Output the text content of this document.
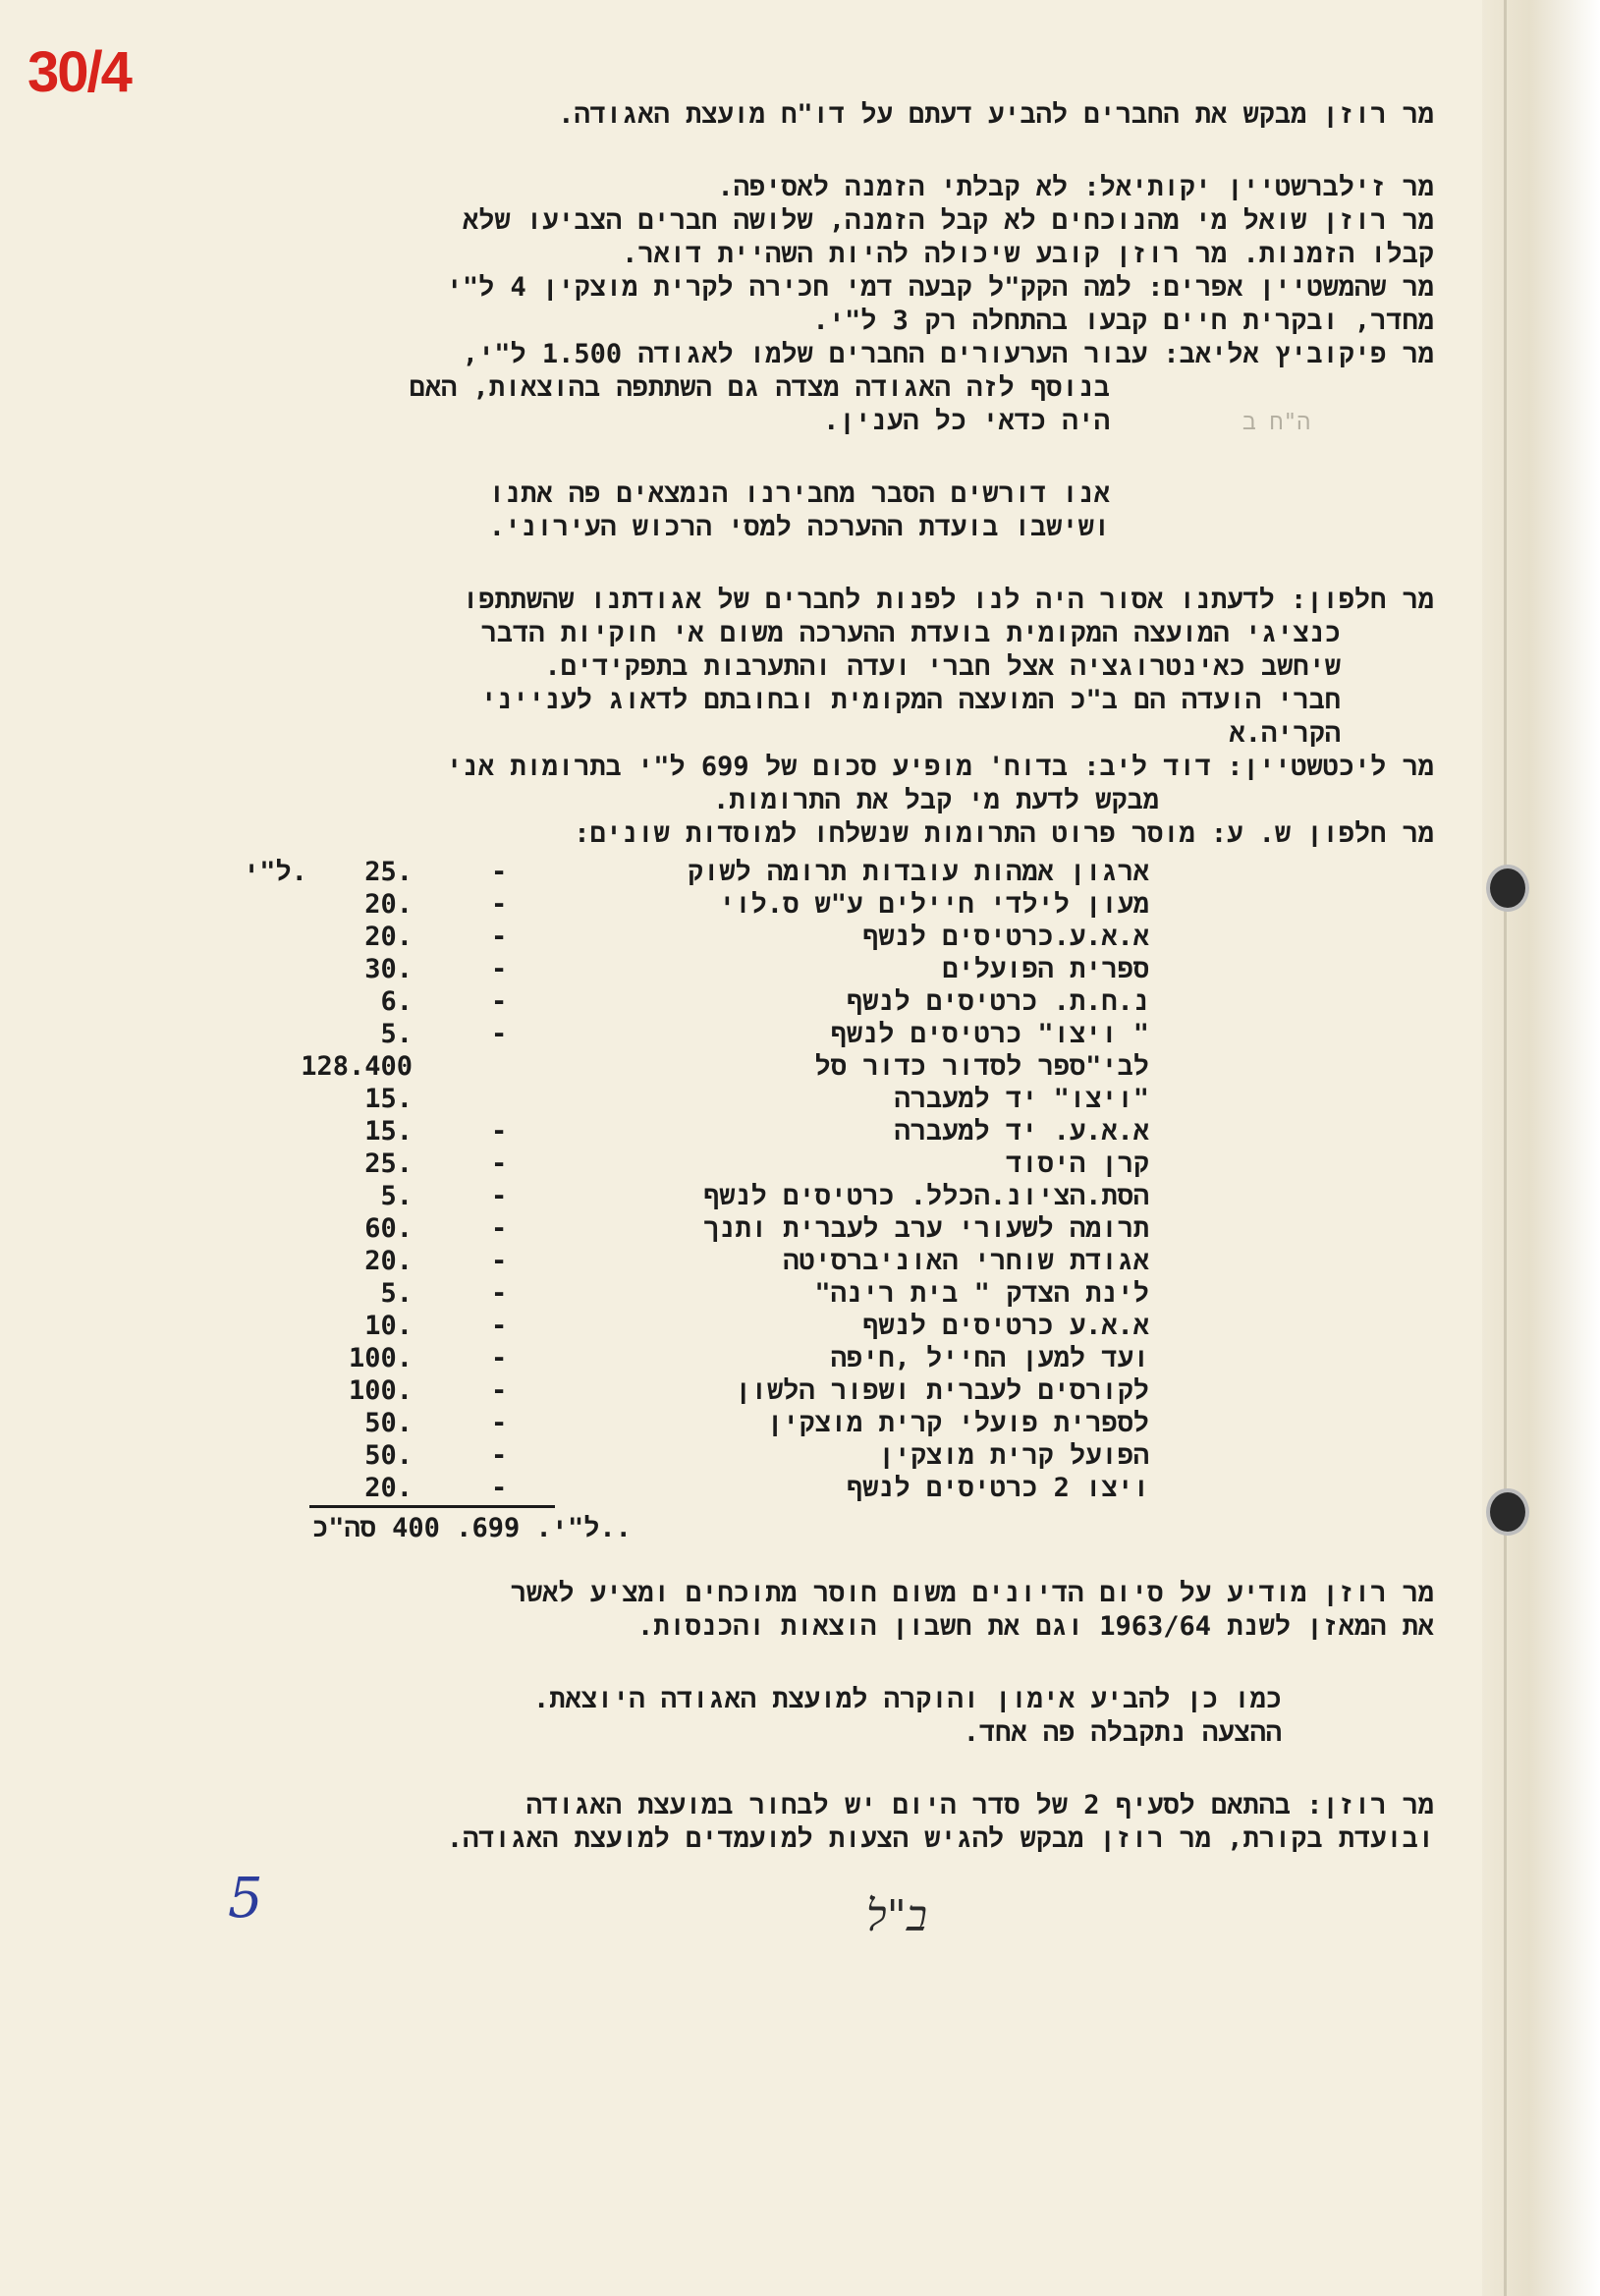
30/4
ה"ח ב
מר רוזן מבקש את החברים להביע דעתם על דו"ח מועצת האגודה.
מר זילברשטיין יקותיאל: לא קבלתי הזמנה לאסיפה.
מר רוזן שואל מי מהנוכחים לא קבל הזמנה, שלושה חברים הצביעו שלא
קבלו הזמנות. מר רוזן קובע שיכולה להיות השהיית דואר.
מר שהמשטיין אפרים: למה הקק"ל קבעה דמי חכירה לקרית מוצקין 4 ל"י
מחדר, ובקרית חיים קבעו בהתחלה רק 3 ל"י.
מר פיקוביץ אליאב: עבור הערעורים החברים שלמו לאגודה 1.500 ל"י,
בנוסף לזה האגודה מצדה גם השתתפה בהוצאות, האם
היה כדאי כל הענין.
אנו דורשים הסבר מחבירנו הנמצאים פה אתנו
ושישבו בועדת ההערכה למסי הרכוש העירוני.
מר חלפון: לדעתנו אסור היה לנו לפנות לחברים של אגודתנו שהשתתפו
כנציגי המועצה המקומית בועדת ההערכה משום אי חוקיות הדבר
שיחשב כאינטרוגציה אצל חברי ועדה והתערבות בתפקידים.
חברי הועדה הם ב"כ המועצה המקומית ובחובתם לדאוג לענייני
הקריה.א
מר ליכטשטיין: דוד ליב: בדוח' מופיע סכום של 699 ל"י בתרומות אני
מבקש לדעת מי קבל את התרומות.
מר חלפון ש. ע: מוסר פרוט התרומות שנשלחו למוסדות שונים:
ארגון אמהות עובדות תרומה לשוק
-
25.
ל"י.
מעון לילדי חיילים ע"ש ס.לוי
-
20.
א.א.ע.כרטיסים לנשף
-
20.
ספרית הפועלים
-
30.
נ.ח.ת. כרטיסים לנשף
-
6.
" ויצו" כרטיסים לנשף
-
5.
לבי"ספר לסדור כדור סל
128.400
"ויצו" יד למעברה
15.
א.א.ע. יד למעברה
-
15.
קרן היסוד
-
25.
הסת.הציונ.הכלל. כרטיסים לנשף
-
5.
תרומה לשעורי ערב לעברית ותנך
-
60.
אגודת שוחרי האוניברסיטה
-
20.
לינת הצדק " בית רינה"
-
5.
א.א.ע כרטיסים לנשף
-
10.
ועד למען החייל ,חיפה
-
100.
לקורסים לעברית ושפור הלשון
-
100.
לספרית פועלי קרית מוצקין
-
50.
הפועל קרית מוצקין
-
50.
ויצו 2 כרטיסים לנשף
-
20.
ל"י. 699. 400 סה"כ..
מר רוזן מודיע על סיום הדיונים משום חוסר מתוכחים ומציע לאשר
את המאזן לשנת 1963/64 וגם את חשבון הוצאות והכנסות.
כמו כן להביע אימון והוקרה למועצת האגודה היוצאת.
ההצעה נתקבלה פה אחד.
מר רוזן: בהתאם לסעיף 2 של סדר היום יש לבחור במועצת האגודה
ובועדת בקורת, מר רוזן מבקש להגיש הצעות למועמדים למועצת האגודה.
5	ב"ל
